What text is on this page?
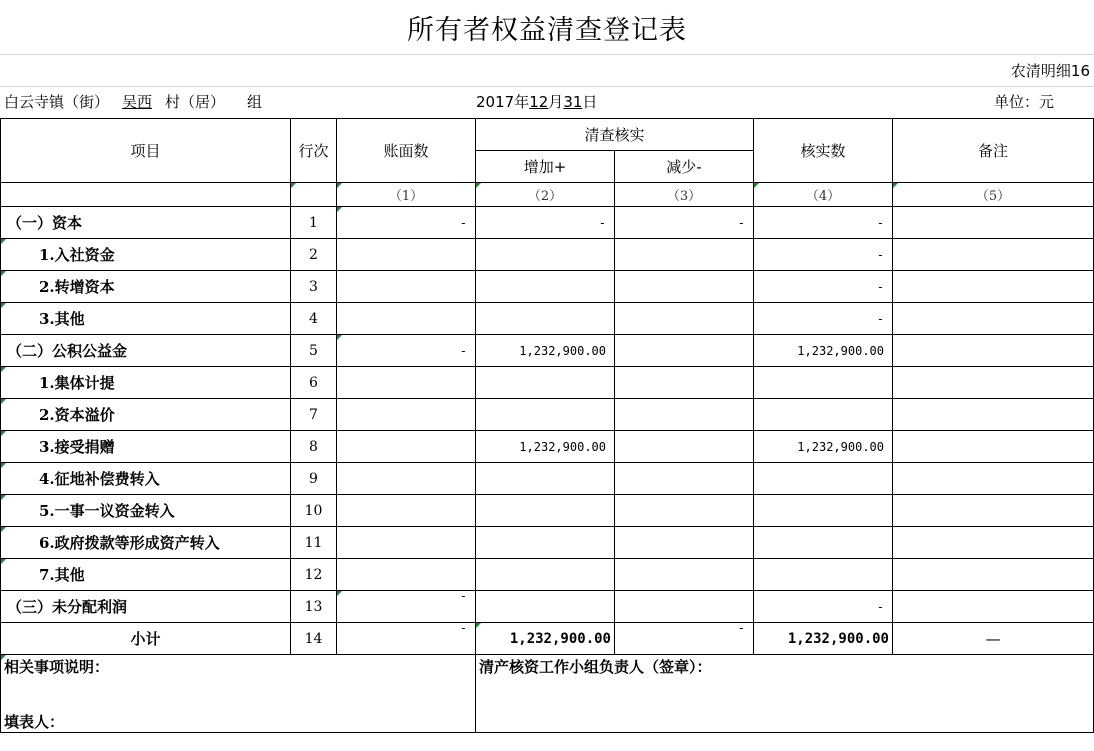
所有者权益清查登记表
农清明细16
白云寺镇（街） 吴西 村（居） 组	2017年12月31日	单位：元
项目	行次	账面数	清查核实		核实数	备注
			增加+	减少-		
		（1）	（2）	（3）	（4）	（5）
（一）资本	1	-	-	-	-	
1.入社资金	2				-	
2.转增资本	3				-	
3.其他	4				-	
（二）公积公益金	5	-	1,232,900.00		1,232,900.00	
1.集体计提	6					
2.资本溢价	7					
3.接受捐赠	8		1,232,900.00		1,232,900.00	
4.征地补偿费转入	9					
5.一事一议资金转入	10					
6.政府拨款等形成资产转入	11					
7.其他	12					
（三）未分配利润	13	-			-	
小计	14	-	1,232,900.00	-	1,232,900.00	—

相关事项说明：
填表人：			清产核资工作小组负责人（签章）：			
